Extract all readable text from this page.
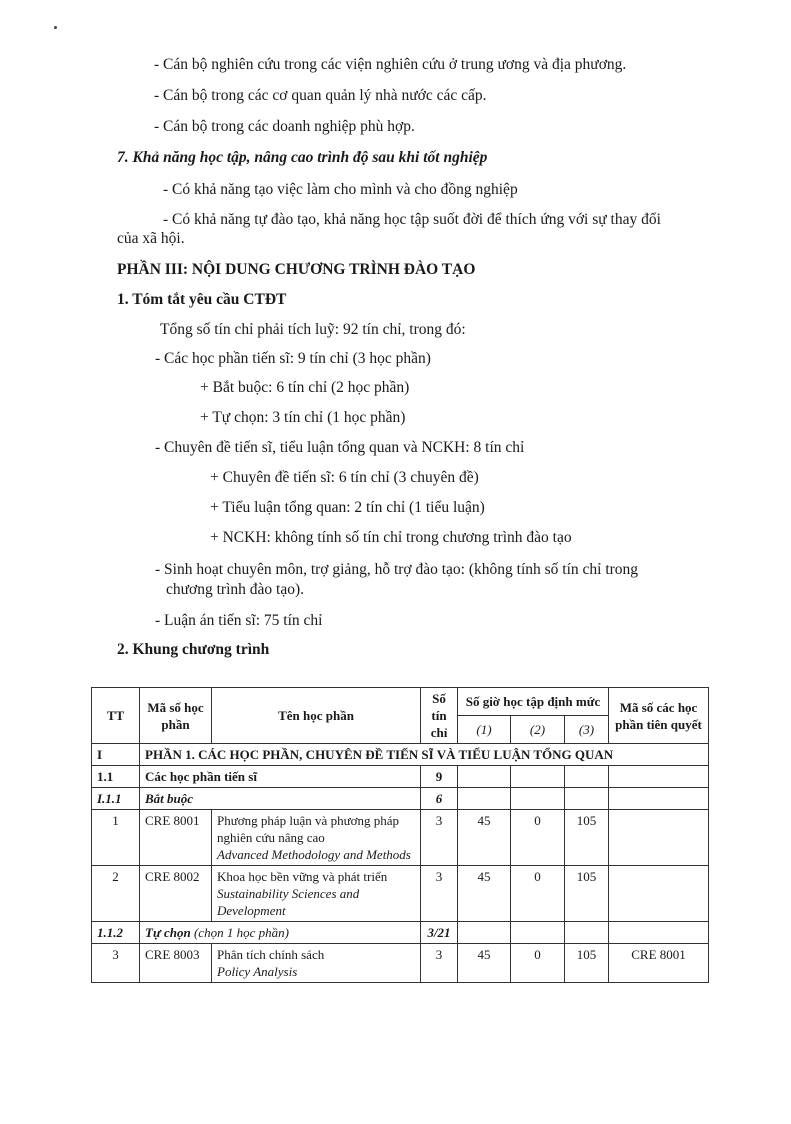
- Cán bộ nghiên cứu trong các viện nghiên cứu ở trung ương và địa phương.
- Cán bộ trong các cơ quan quản lý nhà nước các cấp.
- Cán bộ trong các doanh nghiệp phù hợp.
7. Khả năng học tập, nâng cao trình độ sau khi tốt nghiệp
- Có khả năng tạo việc làm cho mình và cho đồng nghiệp
- Có khả năng tự đào tạo, khả năng học tập suốt đời để thích ứng với sự thay đổi
của xã hội.
PHẦN III: NỘI DUNG CHƯƠNG TRÌNH ĐÀO TẠO
1. Tóm tắt yêu cầu CTĐT
Tổng số tín chỉ phải tích luỹ: 92 tín chỉ, trong đó:
- Các học phần tiến sĩ: 9 tín chỉ (3 học phần)
+ Bắt buộc: 6 tín chỉ (2 học phần)
+ Tự chọn: 3 tín chỉ (1 học phần)
- Chuyên đề tiến sĩ, tiểu luận tổng quan và NCKH: 8 tín chỉ
+ Chuyên đề tiến sĩ: 6 tín chỉ (3 chuyên đề)
+ Tiểu luận tổng quan: 2 tín chỉ (1 tiểu luận)
+ NCKH: không tính số tín chỉ trong chương trình đào tạo
- Sinh hoạt chuyên môn, trợ giảng, hỗ trợ đào tạo: (không tính số tín chỉ trong
chương trình đào tạo).
- Luận án tiến sĩ: 75 tín chỉ
2. Khung chương trình
TT	Mã số học phần	Tên học phần	Số tín chỉ	Số giờ học tập định mức			Mã số các học phần tiên quyết
				(1)	(2)	(3)	
I	PHẦN 1. CÁC HỌC PHẦN, CHUYÊN ĐỀ TIẾN SĨ VÀ TIỂU LUẬN TỔNG QUAN						
1.1	Các học phần tiến sĩ		9				
I.1.1	Bắt buộc		6				
1	CRE 8001	Phương pháp luận và phương pháp nghiên cứu nâng cao
Advanced Methodology and Methods	3	45	0	105	
2	CRE 8002	Khoa học bền vững và phát triển
Sustainability Sciences and Development	3	45	0	105	
1.1.2	Tự chọn (chọn 1 học phần)		3/21				
3	CRE 8003	Phân tích chính sách
Policy Analysis	3	45	0	105	CRE 8001
